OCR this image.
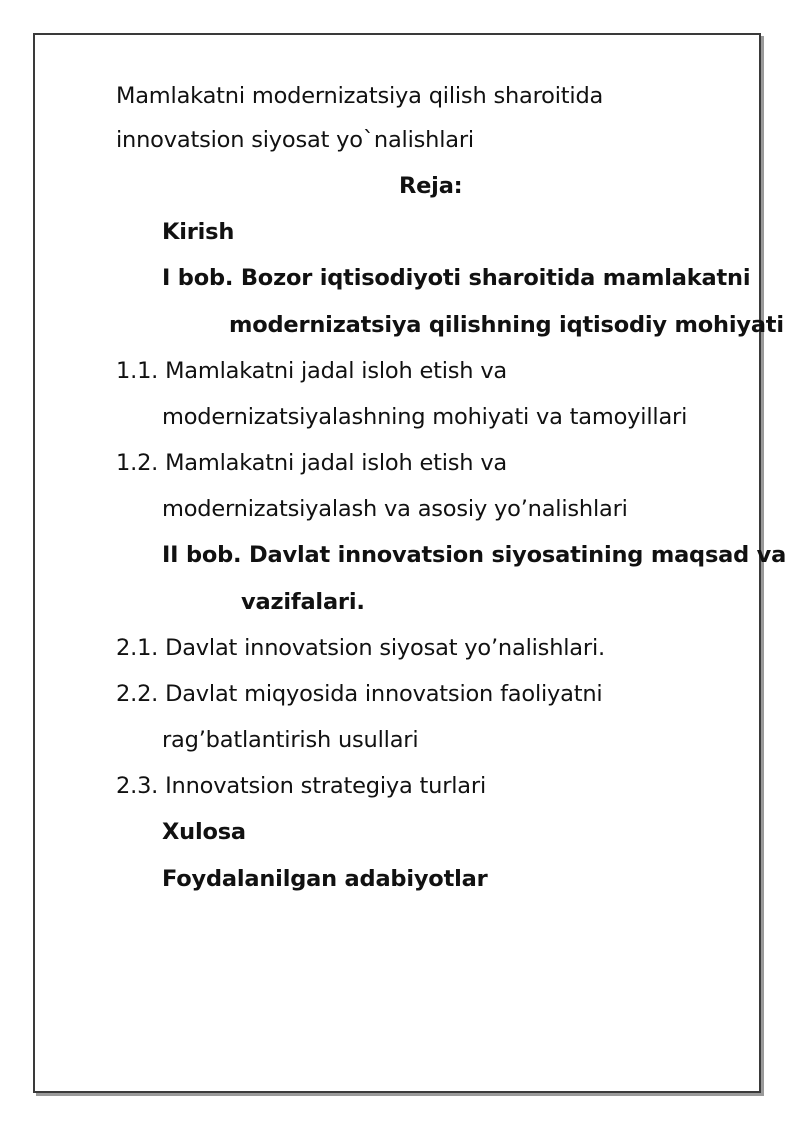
Mamlakatni modernizatsiya qilish sharoitida
innovatsion siyosat yo`nalishlari
Reja:
Kirish
I bob. Bozor iqtisodiyoti sharoitida mamlakatni
modernizatsiya qilishning iqtisodiy mohiyati
1.1. Mamlakatni jadal isloh etish va
modernizatsiyalashning mohiyati va tamoyillari
1.2. Mamlakatni jadal isloh etish va
modernizatsiyalash va asosiy yo’nalishlari
II bob. Davlat innovatsion siyosatining maqsad va
vazifalari.
2.1. Davlat innovatsion siyosat yo’nalishlari.
2.2. Davlat miqyosida innovatsion faoliyatni
rag’batlantirish usullari
2.3. Innovatsion strategiya turlari
Xulosa
Foydalanilgan adabiyotlar
